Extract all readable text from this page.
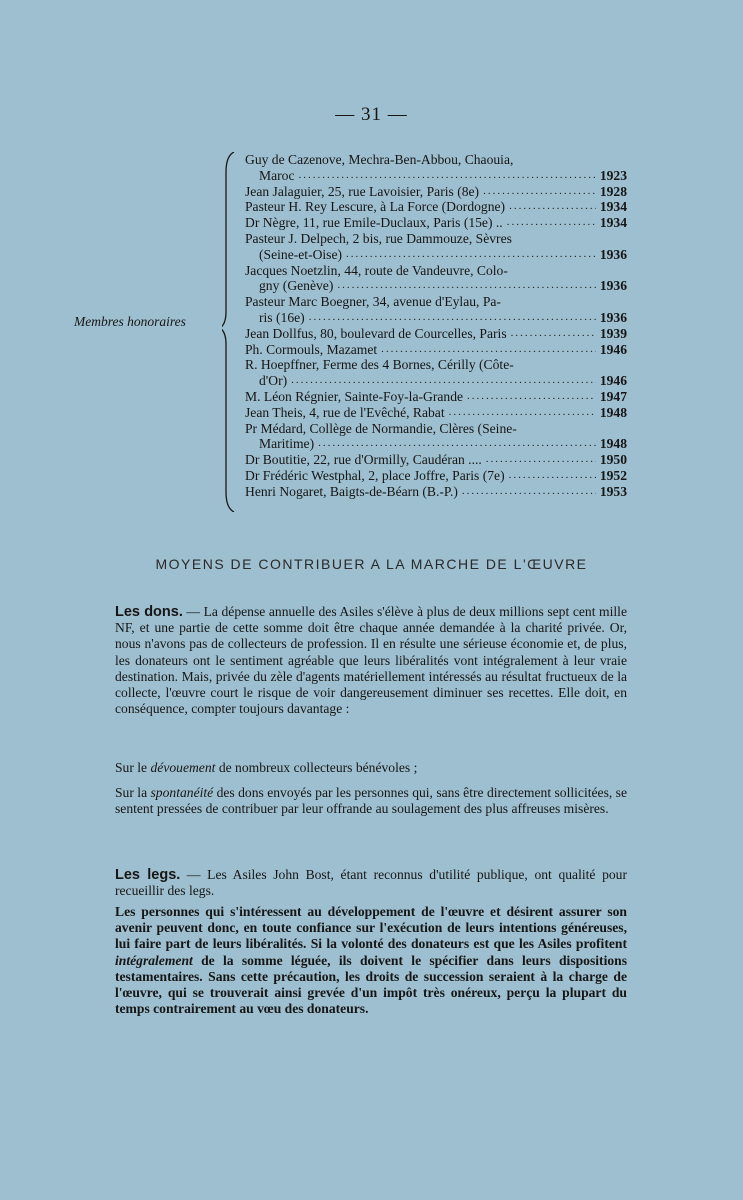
— 31 —
Membres honoraires
Guy de Cazenove, Mechra-Ben-Abbou, Chaouia,
Maroc .....	1923
Jean Jalaguier, 25, rue Lavoisier, Paris (8e) .....	1928
Pasteur H. Rey Lescure, à La Force (Dordogne) .....	1934
Dr Nègre, 11, rue Emile-Duclaux, Paris (15e) .. .....	1934
Pasteur J. Delpech, 2 bis, rue Dammouze, Sèvres
(Seine-et-Oise) .....	1936
Jacques Noetzlin, 44, route de Vandeuvre, Colo-
gny (Genève) .....	1936
Pasteur Marc Boegner, 34, avenue d'Eylau, Pa-
ris (16e) .....	1936
Jean Dollfus, 80, boulevard de Courcelles, Paris .....	1939
Ph. Cormouls, Mazamet .....	1946
R. Hoepffner, Ferme des 4 Bornes, Cérilly (Côte-
d'Or) .....	1946
M. Léon Régnier, Sainte-Foy-la-Grande .....	1947
Jean Theis, 4, rue de l'Evêché, Rabat .....	1948
Pr Médard, Collège de Normandie, Clères (Seine-
Maritime) .....	1948
Dr Boutitie, 22, rue d'Ormilly, Caudéran .... .....	1950
Dr Frédéric Westphal, 2, place Joffre, Paris (7e) .....	1952
Henri Nogaret, Baigts-de-Béarn (B.-P.) .....	1953
MOYENS DE CONTRIBUER A LA MARCHE DE L'ŒUVRE
Les dons. — La dépense annuelle des Asiles s'élève à plus de deux millions sept cent mille NF, et une partie de cette somme doit être chaque année demandée à la charité privée. Or, nous n'avons pas de collecteurs de profession. Il en résulte une sérieuse économie et, de plus, les donateurs ont le sentiment agréable que leurs libéralités vont intégralement à leur vraie destination. Mais, privée du zèle d'agents matériellement intéressés au résultat fructueux de la collecte, l'œuvre court le risque de voir dangereusement diminuer ses recettes. Elle doit, en conséquence, compter toujours davantage :
Sur le dévouement de nombreux collecteurs bénévoles ;
Sur la spontanéité des dons envoyés par les personnes qui, sans être directement sollicitées, se sentent pressées de contribuer par leur offrande au soulagement des plus affreuses misères.
Les legs. — Les Asiles John Bost, étant reconnus d'utilité publique, ont qualité pour recueillir des legs.
Les personnes qui s'intéressent au développement de l'œuvre et désirent assurer son avenir peuvent donc, en toute confiance sur l'exécution de leurs intentions généreuses, lui faire part de leurs libéralités. Si la volonté des donateurs est que les Asiles profitent intégralement de la somme léguée, ils doivent le spécifier dans leurs dispositions testamentaires. Sans cette précaution, les droits de succession seraient à la charge de l'œuvre, qui se trouverait ainsi grevée d'un impôt très onéreux, perçu la plupart du temps contrairement au vœu des donateurs.
